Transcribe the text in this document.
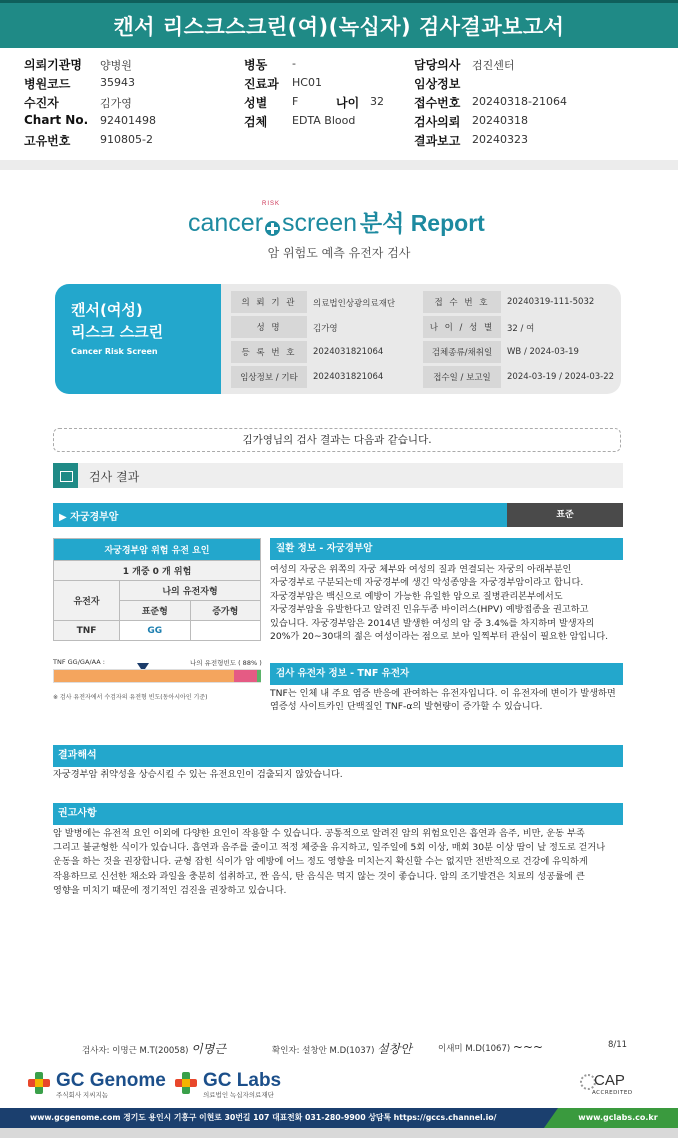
캔서 리스크스크린(여)(녹십자) 검사결과보고서
의뢰기관명 양병원	병동 -	담당의사 검진센터
병원코드	35943	진료과 HC01	임상정보
수진자	김가영	성별 F	나이 32	접수번호 20240318-21064
Chart No. 92401498	검체 EDTA Blood	검사의뢰 20240318
고유번호	910805-2	결과보고 20240323
cancer screen 분석 Report
RISK
암 위험도 예측 유전자 검사
캔서(여성)
리스크 스크린
Cancer Risk Screen
의 뢰 기 관	의료법인상광의료재단	접 수 번 호	20240319-111-5032
성 명	김가영	나 이 / 성 별	32 / 여
등 록 번 호	2024031821064	검체종류/채취일	WB / 2024-03-19
임상정보 / 기타	2024031821064	접수일 / 보고일	2024-03-19 / 2024-03-22
김가영님의 검사 결과는 다음과 같습니다.
검사 결과
▶ 자궁경부암	표준
자궁경부암 위험 유전 요인		
1 개중 0 개 위험		
유전자	나의 유전자형	
	표준형	증가형
TNF	GG	
TNF GG/GA/AA :	나의 유전형빈도 ( 88% )
※ 검사 유전자에서 수검자의 유전형 빈도(동아시아인 기준)
질환 정보 - 자궁경부암
여성의 자궁은 위쪽의 자궁 체부와 여성의 질과 연결되는 자궁의 아래부분인
자궁경부로 구분되는데 자궁경부에 생긴 악성종양을 자궁경부암이라고 합니다.
자궁경부암은 백신으로 예방이 가능한 유일한 암으로 질병관리본부에서도
자궁경부암을 유발한다고 알려진 인유두종 바이러스(HPV) 예방접종을 권고하고
있습니다. 자궁경부암은 2014년 발생한 여성의 암 중 3.4%를 차지하며 발생자의
20%가 20~30대의 젊은 여성이라는 점으로 보아 일찍부터 관심이 필요한 암입니다.
검사 유전자 정보 - TNF 유전자
TNF는 인체 내 주요 염증 반응에 관여하는 유전자입니다. 이 유전자에 변이가 발생하면
염증성 사이트카인 단백질인 TNF-α의 발현량이 증가할 수 있습니다.
결과해석
자궁경부암 취약성을 상승시킬 수 있는 유전요인이 검출되지 않았습니다.
권고사항
암 발병에는 유전적 요인 이외에 다양한 요인이 작용할 수 있습니다. 공통적으로 알려진 암의 위험요인은 흡연과 음주, 비만, 운동 부족
그리고 불균형한 식이가 있습니다. 흡연과 음주를 줄이고 적정 체중을 유지하고, 일주일에 5회 이상, 매회 30분 이상 땀이 날 정도로 걷거나
운동을 하는 것을 권장합니다. 균형 잡힌 식이가 암 예방에 어느 정도 영향을 미치는지 확신할 수는 없지만 전반적으로 건강에 유익하게
작용하므로 신선한 채소와 과일을 충분히 섭취하고, 짠 음식, 탄 음식은 먹지 않는 것이 좋습니다. 암의 조기발견은 치료의 성공률에 큰
영향을 미치기 때문에 정기적인 검진을 권장하고 있습니다.
검사자: 이명근 M.T(20058) 이명근	확인자: 설창안 M.D(1037) 설창안	이새미 M.D(1067) ~~~	8/11
GC Genome
주식회사 지씨지놈
GC Labs
의료법인 녹십자의료재단
CAP
ACCREDITED
www.gcgenome.com 경기도 용인시 기흥구 이현로 30번길 107 대표전화 031-280-9900 상담톡 https://gccs.channel.io/	www.gclabs.co.kr
